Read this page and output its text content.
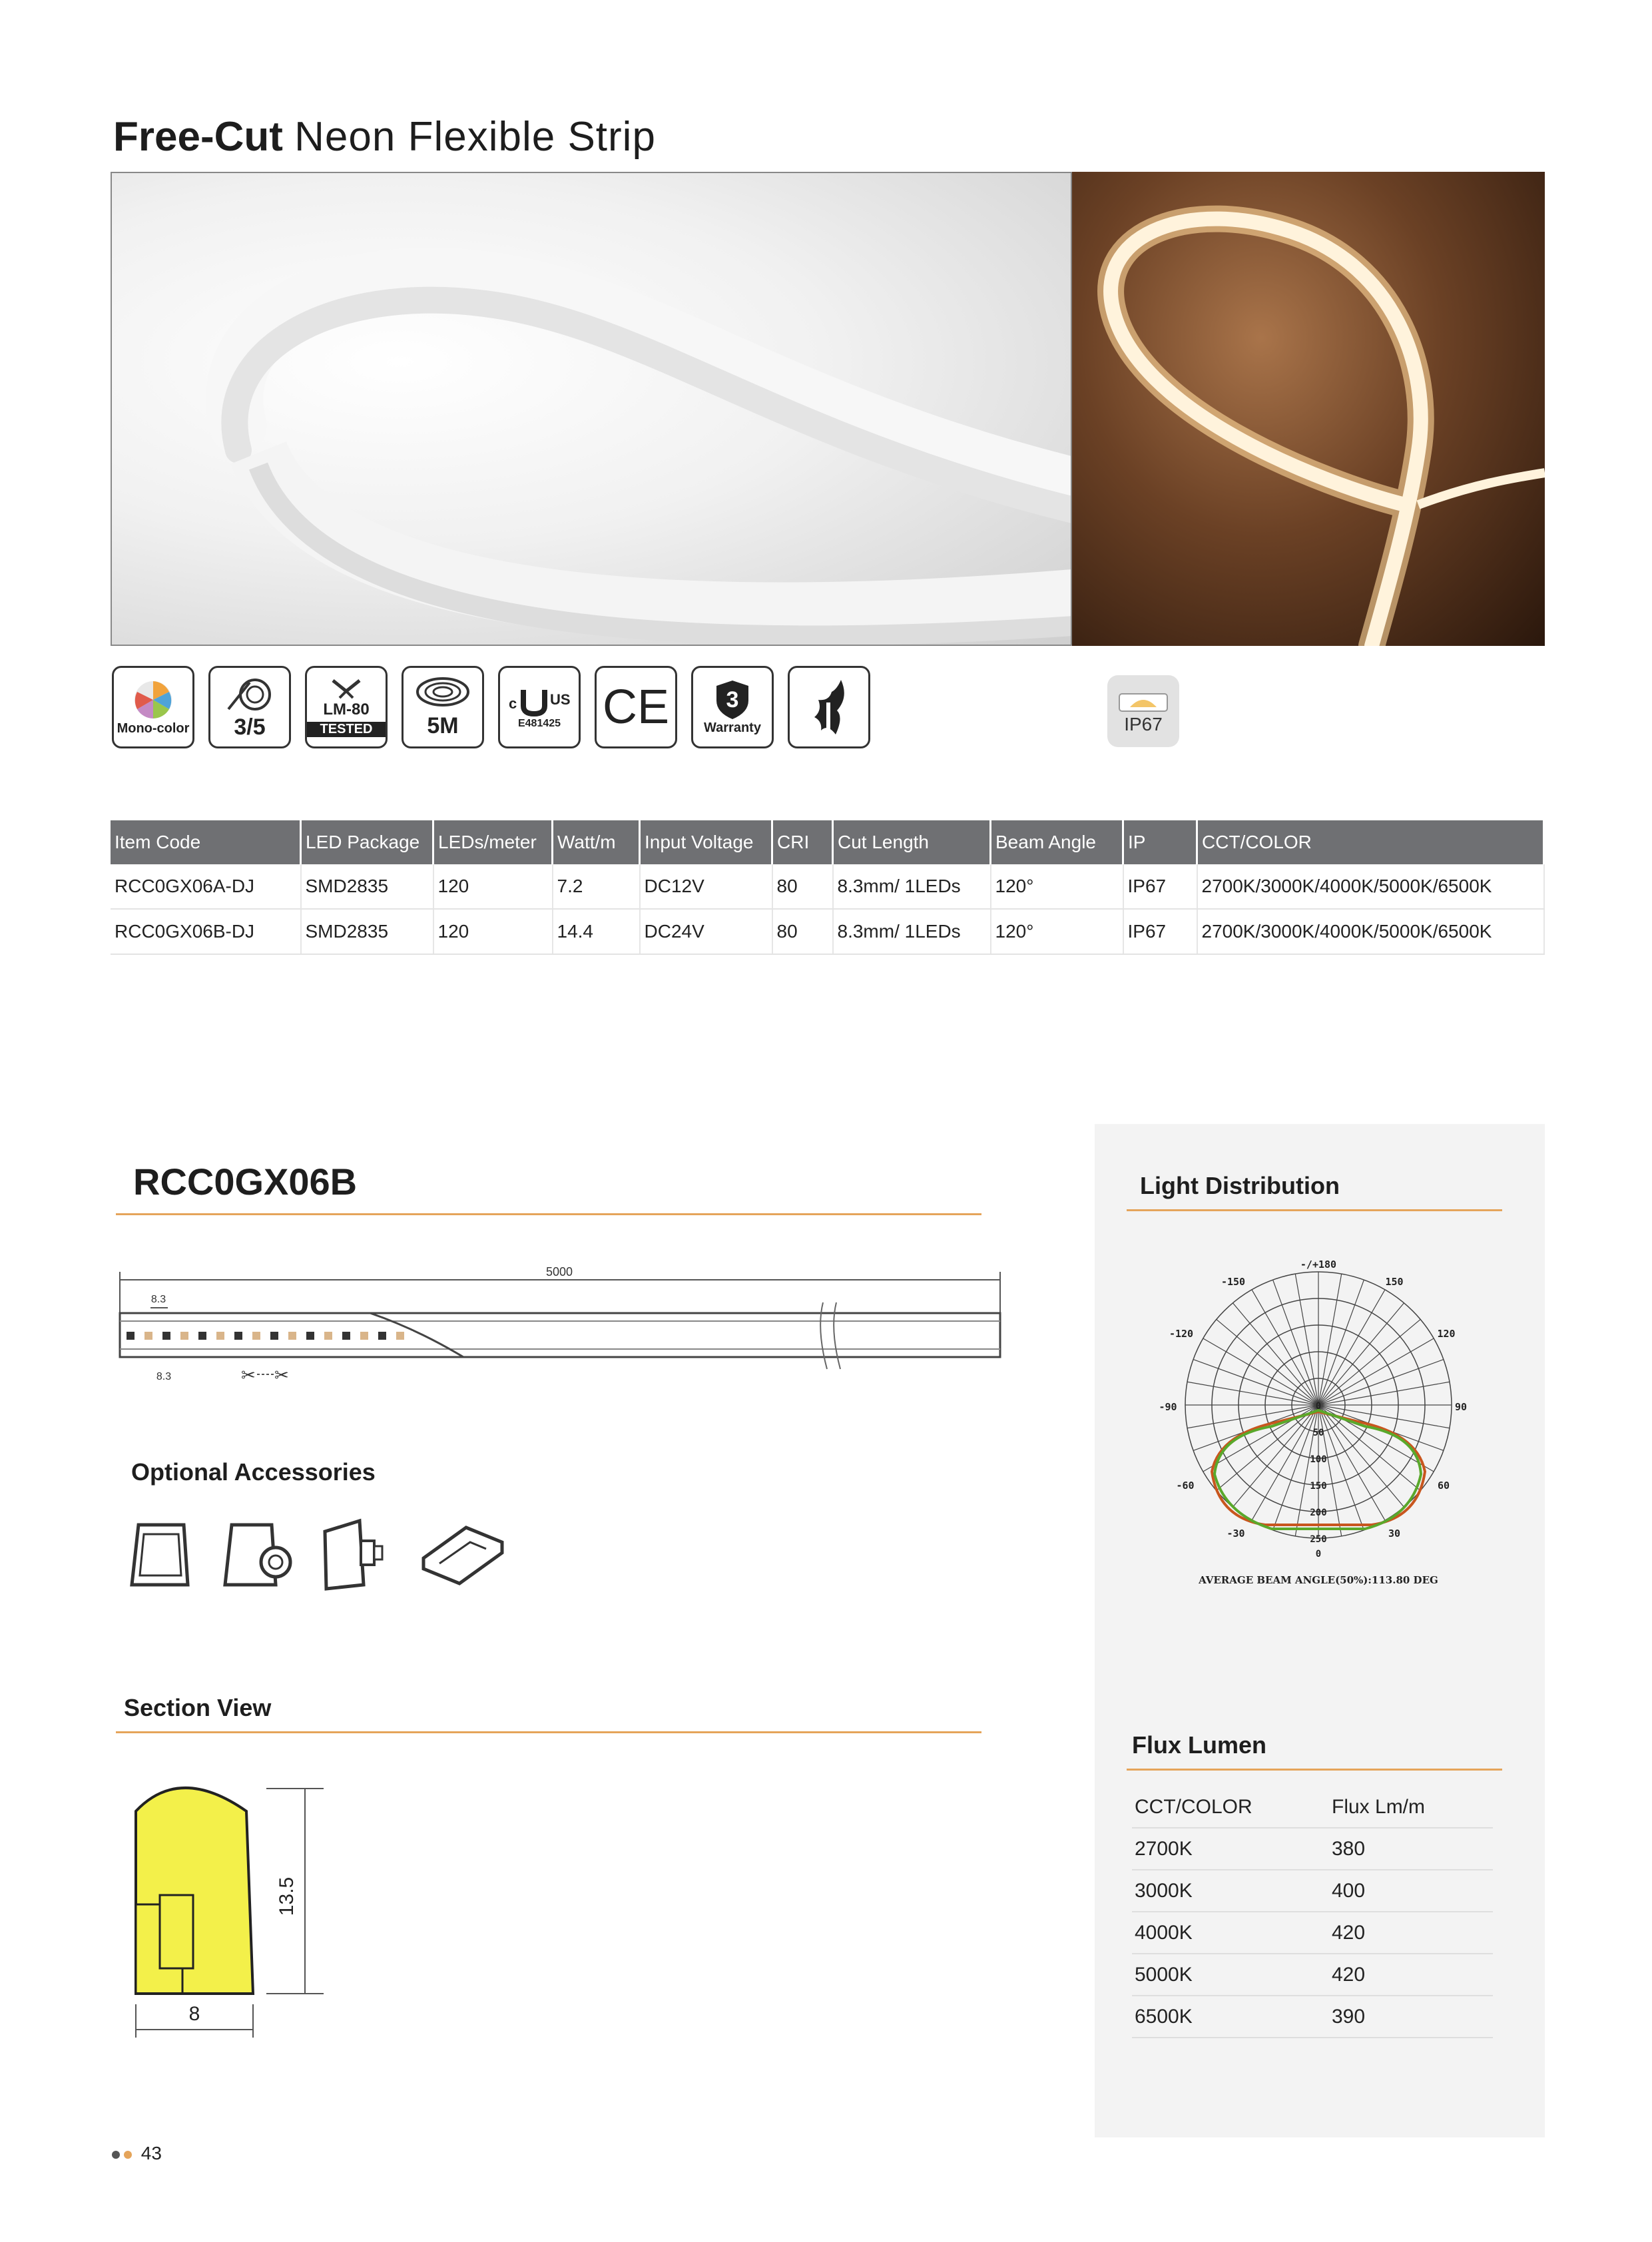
Free-Cut Neon Flexible Strip
Mono-color 3/5
LM-80
TESTED	5M
c US
E481425 CE	3
Warranty	IP67
Item Code	LED Package	LEDs/meter	Watt/m	Input Voltage	CRI	Cut Length	Beam Angle	IP	CCT/COLOR
RCC0GX06A-DJ	SMD2835	120	7.2	DC12V	80	8.3mm/ 1LEDs	120°	IP67	2700K/3000K/4000K/5000K/6500K
RCC0GX06B-DJ	SMD2835	120	14.4	DC24V	80	8.3mm/ 1LEDs	120°	IP67	2700K/3000K/4000K/5000K/6500K
RCC0GX06B
5000
8.3
8.3	✂ ✂
Optional Accessories
Section View
13.5
8
Light Distribution
-/+180
-150	150
-120	120
-90	90
-60	60
-30	30
0
50
100
150
200
250
0
AVERAGE BEAM ANGLE(50%):113.80 DEG
Flux Lumen
CCT/COLOR	Flux Lm/m
2700K	380
3000K	400
4000K	420
5000K	420
6500K	390
43
